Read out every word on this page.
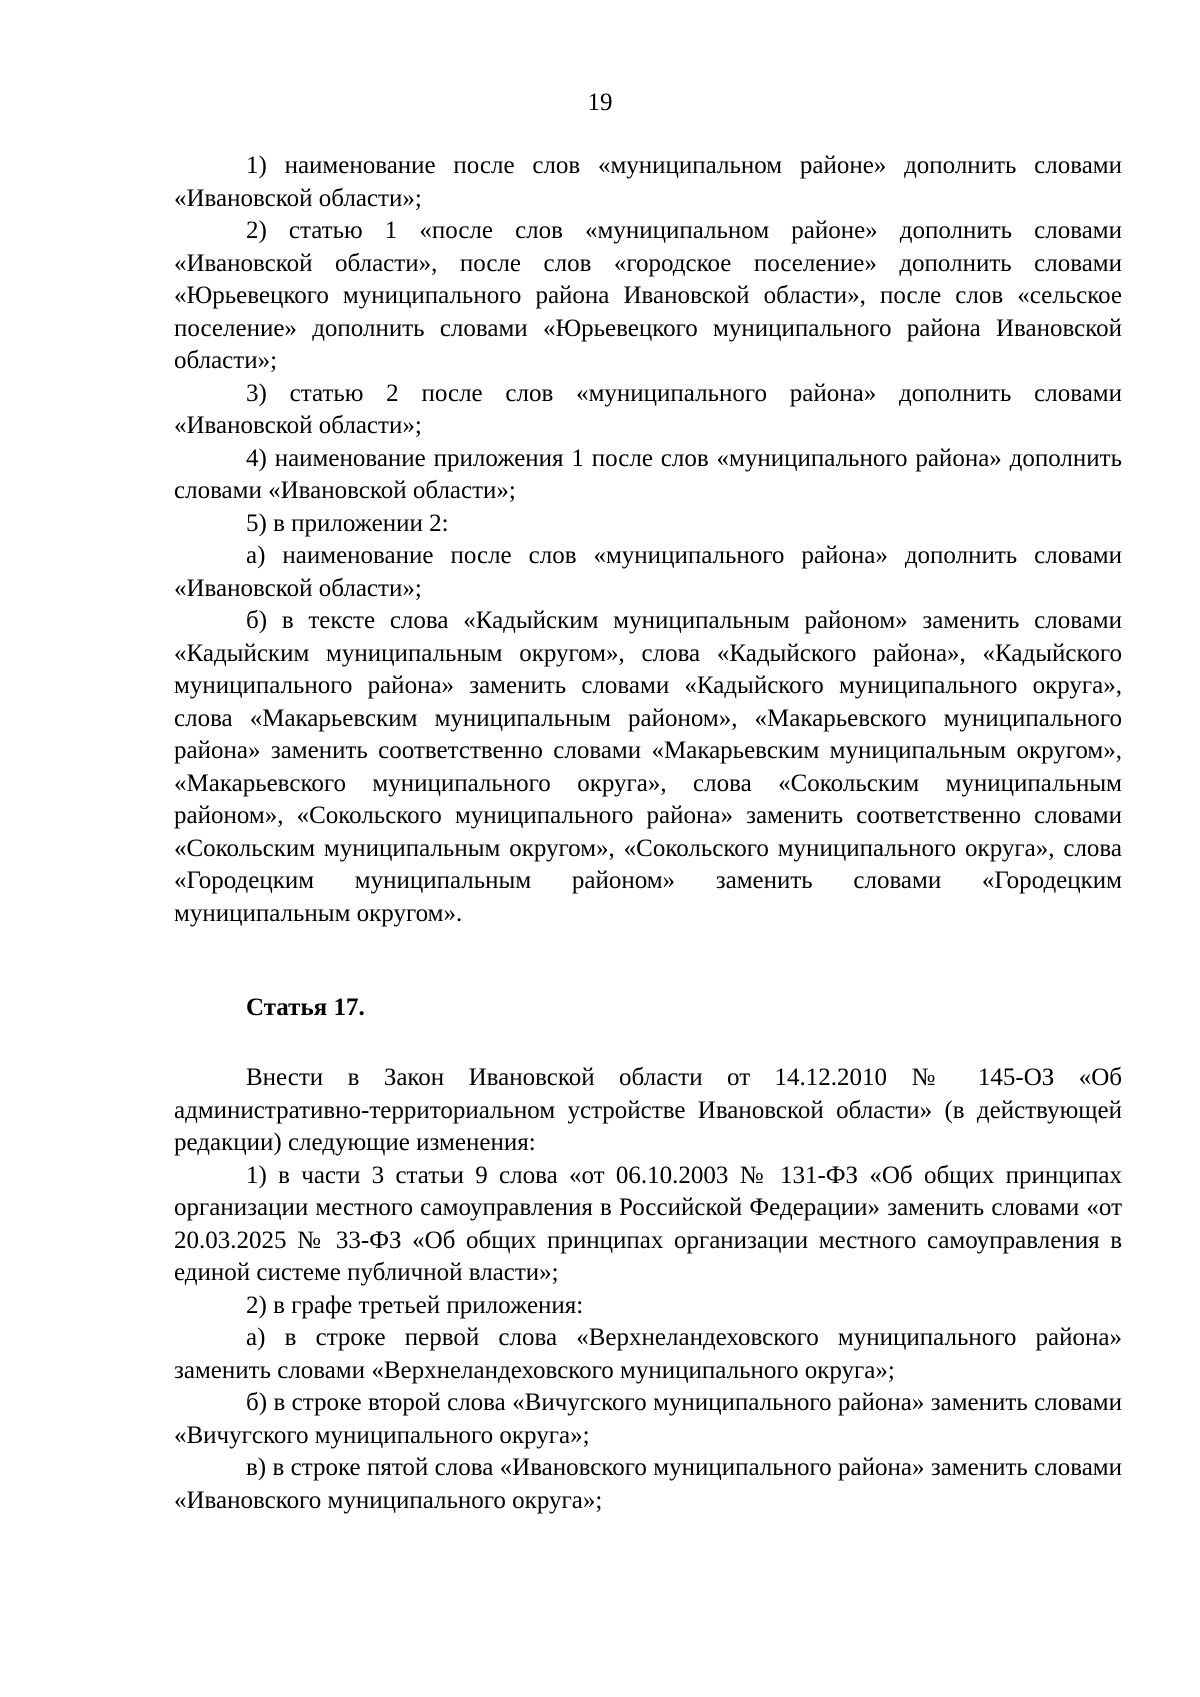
19

1) наименование после слов «муниципальном районе» дополнить словами «Ивановской области»;

2) статью 1 «после слов «муниципальном районе» дополнить словами «Ивановской области», после слов «городское поселение» дополнить словами «Юрьевецкого муниципального района Ивановской области», после слов «сельское поселение» дополнить словами «Юрьевецкого муниципального района Ивановской области»;

3) статью 2 после слов «муниципального района» дополнить словами «Ивановской области»;

4) наименование приложения 1 после слов «муниципального района» дополнить словами «Ивановской области»;

5) в приложении 2:

а) наименование после слов «муниципального района» дополнить словами «Ивановской области»;

б) в тексте слова «Кадыйским муниципальным районом» заменить словами «Кадыйским муниципальным округом», слова «Кадыйского района», «Кадыйского муниципального района» заменить словами «Кадыйского муниципального округа», слова «Макарьевским муниципальным районом», «Макарьевского муниципального района» заменить соответственно словами «Макарьевским муниципальным округом», «Макарьевского муниципального округа», слова «Сокольским муниципальным районом», «Сокольского муниципального района» заменить соответственно словами «Сокольским муниципальным округом», «Сокольского муниципального округа», слова «Городецким муниципальным районом» заменить словами «Городецким муниципальным округом».

Статья 17.

Внести в Закон Ивановской области от 14.12.2010 № 145-ОЗ «Об административно-территориальном устройстве Ивановской области» (в действующей редакции) следующие изменения:

1) в части 3 статьи 9 слова «от 06.10.2003 № 131-ФЗ «Об общих принципах организации местного самоуправления в Российской Федерации» заменить словами «от 20.03.2025 № 33-ФЗ «Об общих принципах организации местного самоуправления в единой системе публичной власти»;

2) в графе третьей приложения:

а) в строке первой слова «Верхнеландеховского муниципального района» заменить словами «Верхнеландеховского муниципального округа»;

б) в строке второй слова «Вичугского муниципального района» заменить словами «Вичугского муниципального округа»;

в) в строке пятой слова «Ивановского муниципального района» заменить словами «Ивановского муниципального округа»;
